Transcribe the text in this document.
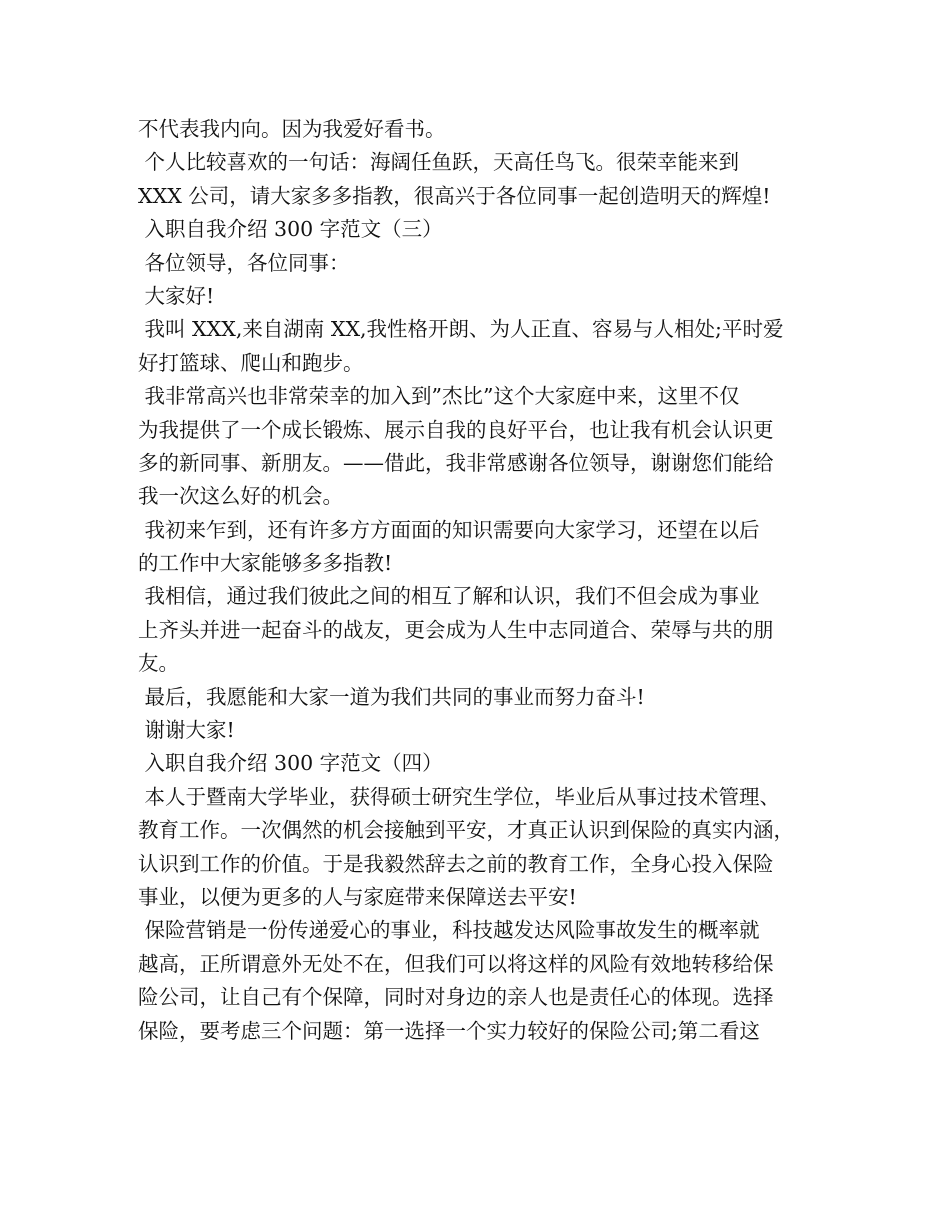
不代表我内向。因为我爱好看书。
个人比较喜欢的一句话：海阔任鱼跃，天高任鸟飞。很荣幸能来到
XXX 公司，请大家多多指教，很高兴于各位同事一起创造明天的辉煌!
入职自我介绍 300 字范文（三）
各位领导，各位同事：
大家好!
我叫 XXX,来自湖南 XX,我性格开朗、为人正直、容易与人相处;平时爱
好打篮球、爬山和跑步。
我非常高兴也非常荣幸的加入到”杰比”这个大家庭中来，这里不仅
为我提供了一个成长锻炼、展示自我的良好平台，也让我有机会认识更
多的新同事、新朋友。——借此，我非常感谢各位领导，谢谢您们能给
我一次这么好的机会。
我初来乍到，还有许多方方面面的知识需要向大家学习，还望在以后
的工作中大家能够多多指教!
我相信，通过我们彼此之间的相互了解和认识，我们不但会成为事业
上齐头并进一起奋斗的战友，更会成为人生中志同道合、荣辱与共的朋
友。
最后，我愿能和大家一道为我们共同的事业而努力奋斗!
谢谢大家!
入职自我介绍 300 字范文（四）
本人于暨南大学毕业，获得硕士研究生学位，毕业后从事过技术管理、
教育工作。一次偶然的机会接触到平安，才真正认识到保险的真实内涵，
认识到工作的价值。于是我毅然辞去之前的教育工作，全身心投入保险
事业，以便为更多的人与家庭带来保障送去平安!
保险营销是一份传递爱心的事业，科技越发达风险事故发生的概率就
越高，正所谓意外无处不在，但我们可以将这样的风险有效地转移给保
险公司，让自己有个保障，同时对身边的亲人也是责任心的体现。选择
保险，要考虑三个问题：第一选择一个实力较好的保险公司;第二看这
